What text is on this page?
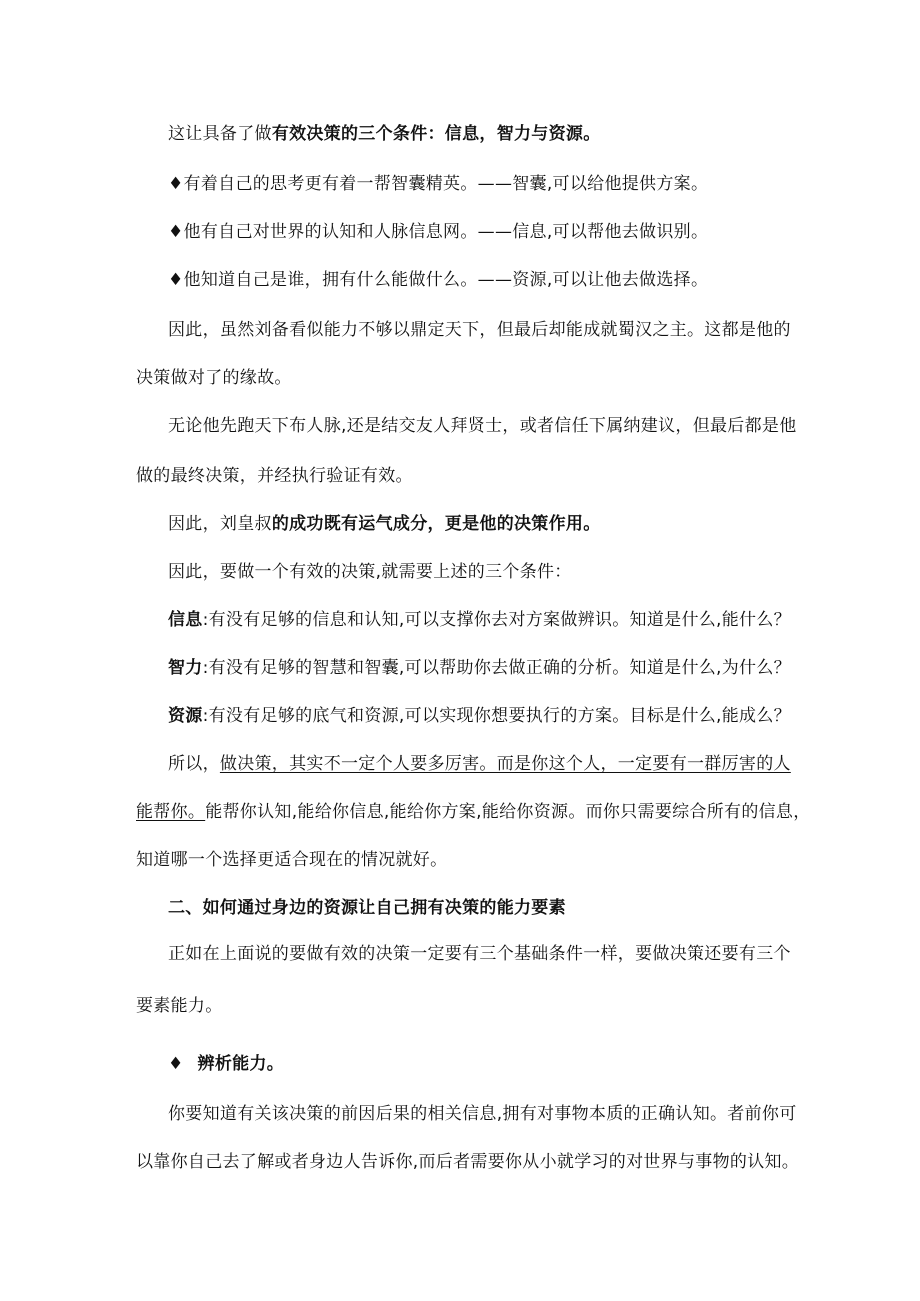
这让具备了做有效决策的三个条件：信息，智力与资源。
♦有着自己的思考更有着一帮智囊精英。——智囊,可以给他提供方案。
♦他有自己对世界的认知和人脉信息网。——信息,可以帮他去做识别。
♦他知道自己是谁，拥有什么能做什么。——资源,可以让他去做选择。
因此，虽然刘备看似能力不够以鼎定天下，但最后却能成就蜀汉之主。这都是他的
决策做对了的缘故。
无论他先跑天下布人脉,还是结交友人拜贤士，或者信任下属纳建议，但最后都是他
做的最终决策，并经执行验证有效。
因此，刘皇叔的成功既有运气成分，更是他的决策作用。
因此，要做一个有效的决策,就需要上述的三个条件：
信息:有没有足够的信息和认知,可以支撑你去对方案做辨识。知道是什么,能什么？
智力:有没有足够的智慧和智囊,可以帮助你去做正确的分析。知道是什么,为什么？
资源:有没有足够的底气和资源,可以实现你想要执行的方案。目标是什么,能成么？
所以，做决策，其实不一定个人要多厉害。而是你这个人，一定要有一群厉害的人
能帮你。能帮你认知,能给你信息,能给你方案,能给你资源。而你只需要综合所有的信息，
知道哪一个选择更适合现在的情况就好。
二、如何通过身边的资源让自己拥有决策的能力要素
正如在上面说的要做有效的决策一定要有三个基础条件一样，要做决策还要有三个
要素能力。
♦ 辨析能力。
你要知道有关该决策的前因后果的相关信息,拥有对事物本质的正确认知。者前你可
以靠你自己去了解或者身边人告诉你,而后者需要你从小就学习的对世界与事物的认知。
